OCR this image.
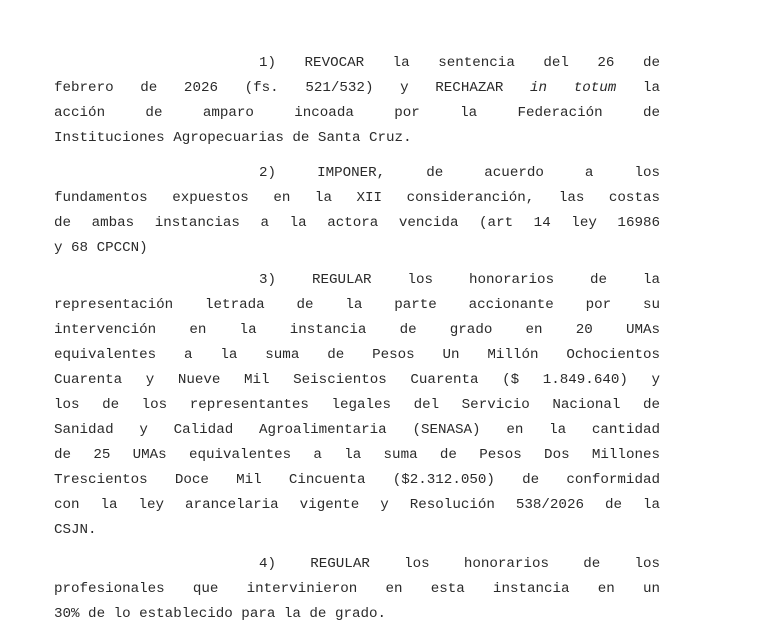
1) REVOCAR la sentencia del 26 de
febrero de 2026 (fs. 521/532) y RECHAZAR in totum la
acción de amparo incoada por la Federación de
Instituciones Agropecuarias de Santa Cruz.
2) IMPONER, de acuerdo a los
fundamentos expuestos en la XII consideranción, las costas
de ambas instancias a la actora vencida (art 14 ley 16986
y 68 CPCCN)
3) REGULAR los honorarios de la
representación letrada de la parte accionante por su
intervención en la instancia de grado en 20 UMAs
equivalentes a la suma de Pesos Un Millón Ochocientos
Cuarenta y Nueve Mil Seiscientos Cuarenta ($ 1.849.640) y
los de los representantes legales del Servicio Nacional de
Sanidad y Calidad Agroalimentaria (SENASA) en la cantidad
de 25 UMAs equivalentes a la suma de Pesos Dos Millones
Trescientos Doce Mil Cincuenta ($2.312.050) de conformidad
con la ley arancelaria vigente y Resolución 538/2026 de la
CSJN.
4) REGULAR los honorarios de los
profesionales que intervinieron en esta instancia en un
30% de lo establecido para la de grado.
